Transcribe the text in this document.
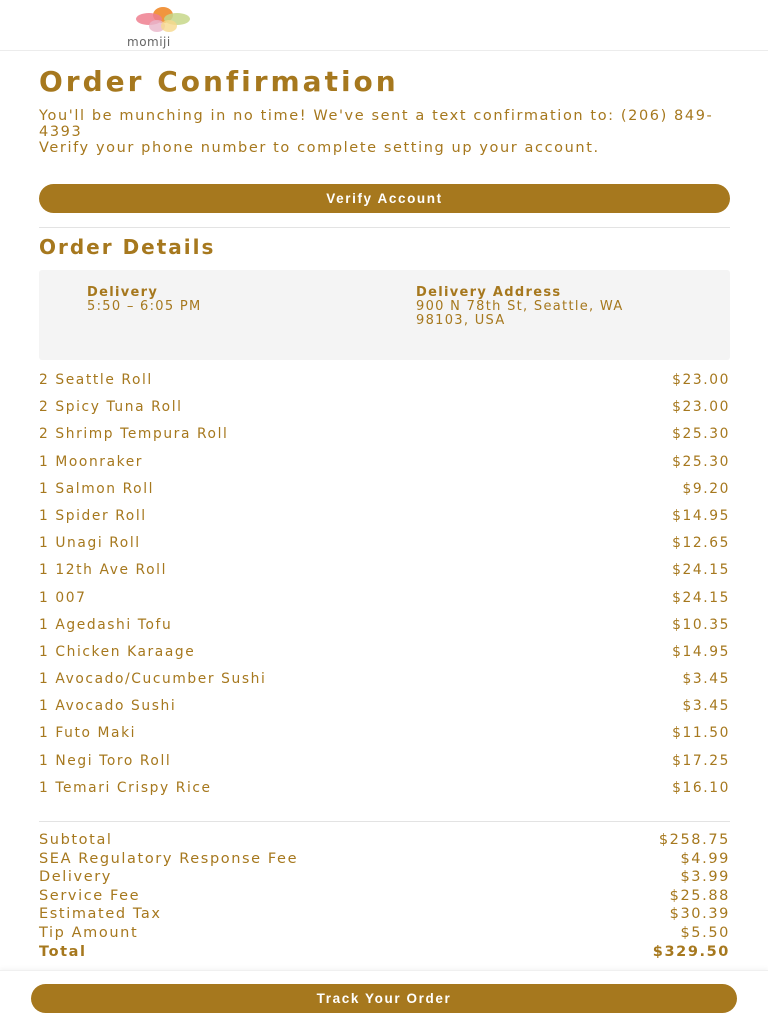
momiji
Order Confirmation
You'll be munching in no time! We've sent a text confirmation to: (206) 849-4393
Verify your phone number to complete setting up your account.
Verify Account
Order Details
Delivery
5:50 – 6:05 PM
Delivery Address
900 N 78th St, Seattle, WA 98103, USA
2 Seattle Roll	$23.00
2 Spicy Tuna Roll	$23.00
2 Shrimp Tempura Roll	$25.30
1 Moonraker	$25.30
1 Salmon Roll	$9.20
1 Spider Roll	$14.95
1 Unagi Roll	$12.65
1 12th Ave Roll	$24.15
1 007	$24.15
1 Agedashi Tofu	$10.35
1 Chicken Karaage	$14.95
1 Avocado/Cucumber Sushi	$3.45
1 Avocado Sushi	$3.45
1 Futo Maki	$11.50
1 Negi Toro Roll	$17.25
1 Temari Crispy Rice	$16.10
Subtotal	$258.75
SEA Regulatory Response Fee	$4.99
Delivery	$3.99
Service Fee	$25.88
Estimated Tax	$30.39
Tip Amount	$5.50
Total	$329.50
Track Your Order
